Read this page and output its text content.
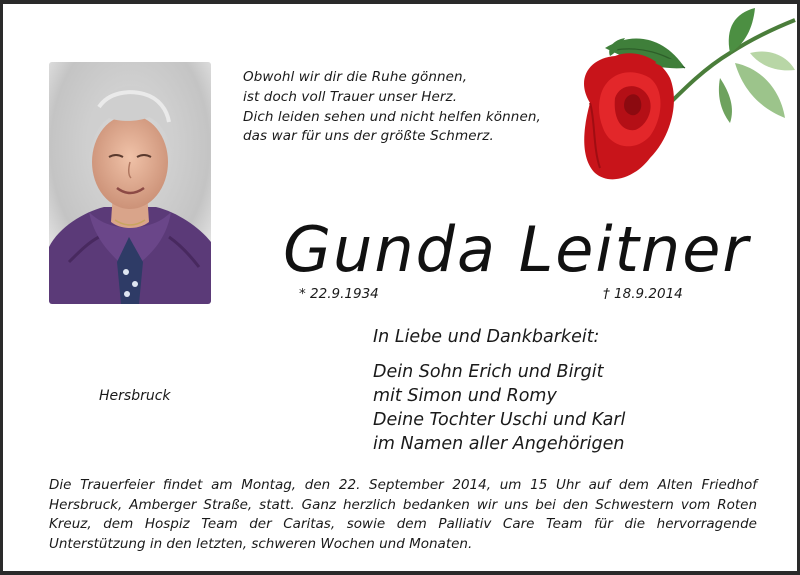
Obwohl wir dir die Ruhe gönnen,
ist doch voll Trauer unser Herz.
Dich leiden sehen und nicht helfen können,
das war für uns der größte Schmerz.
Gunda Leitner
* 22.9.1934	† 18.9.2014
In Liebe und Dankbarkeit:
Dein Sohn Erich und Birgit
mit Simon und Romy
Deine Tochter Uschi und Karl
im Namen aller Angehörigen
Hersbruck
Die Trauerfeier findet am Montag, den 22. September 2014, um 15 Uhr auf dem Alten Friedhof Hersbruck, Amberger Straße, statt. Ganz herzlich bedanken wir uns bei den Schwestern vom Roten Kreuz, dem Hospiz Team der Caritas, sowie dem Palliativ Care Team für die hervorragende Unterstützung in den letzten, schweren Wochen und Monaten.
